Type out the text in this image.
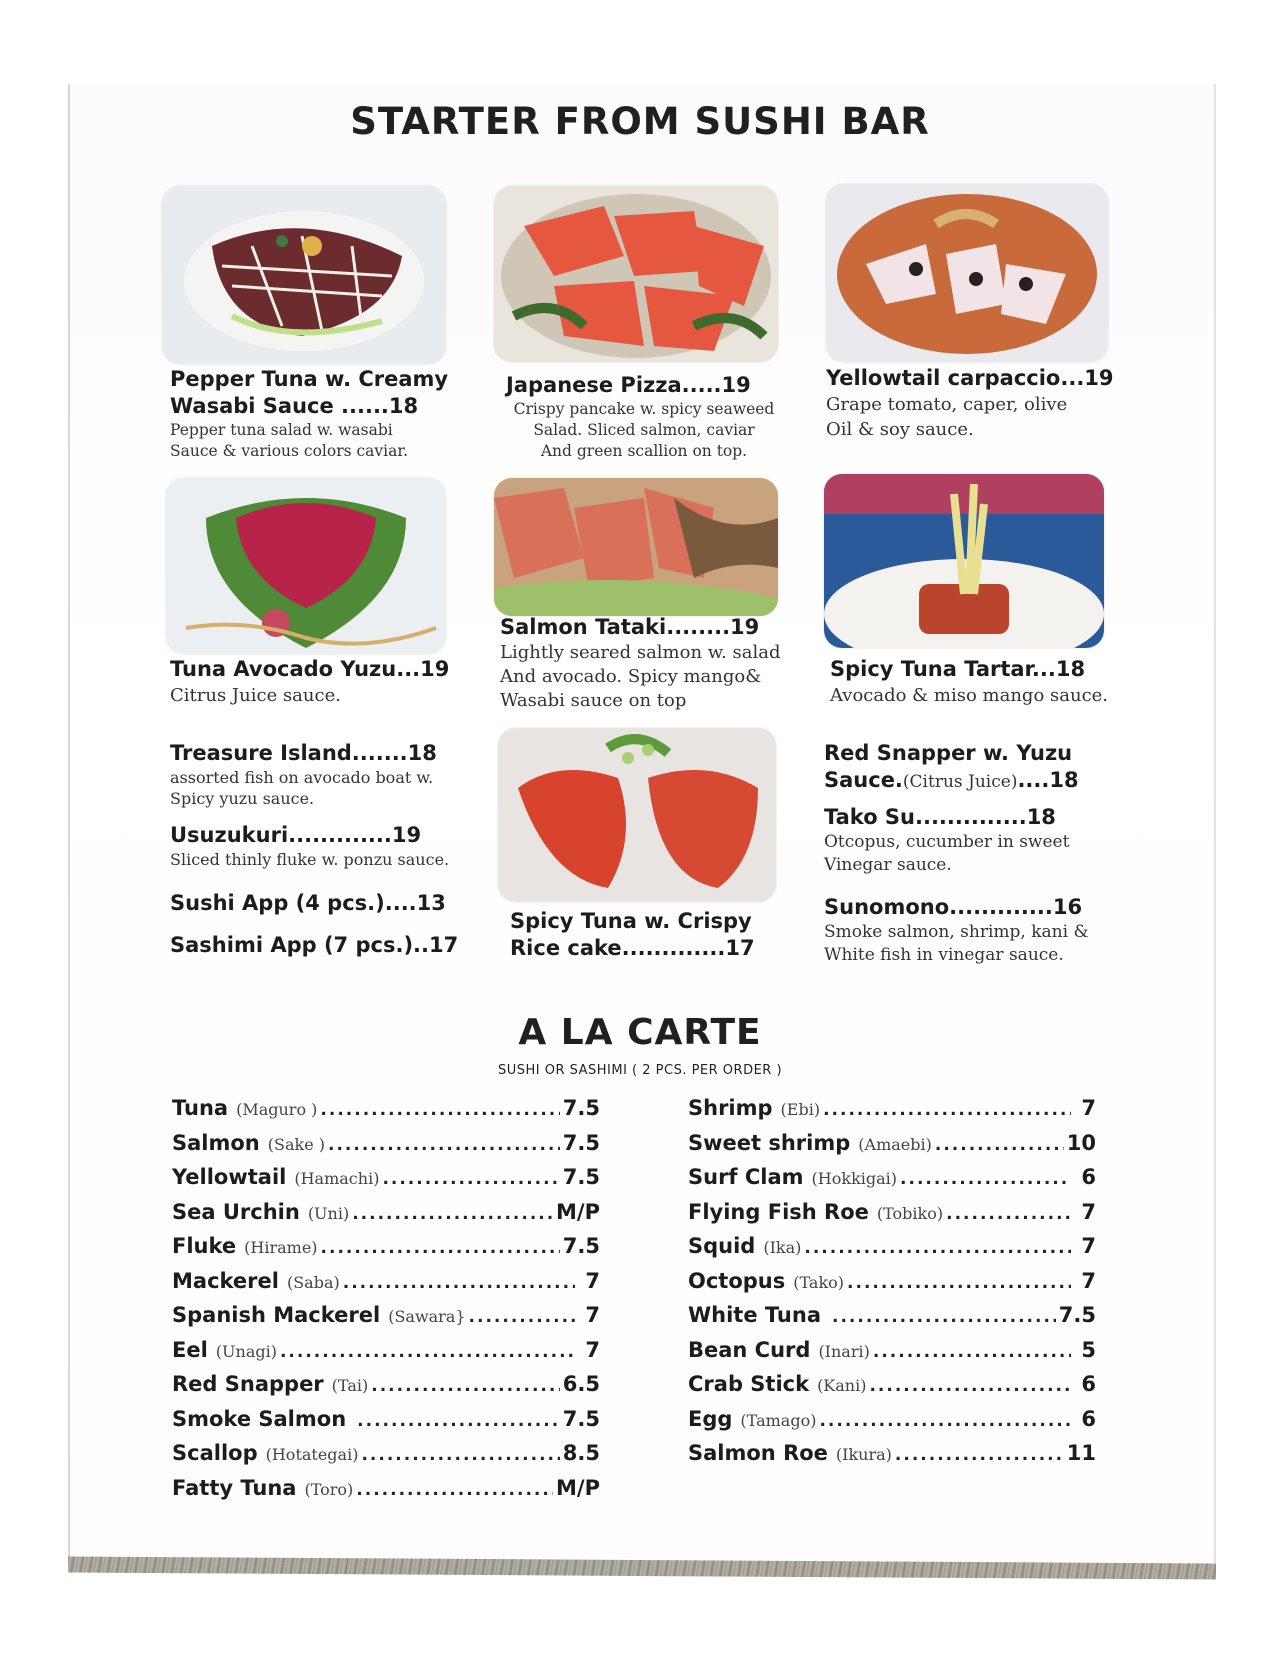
STARTER FROM SUSHI BAR
Pepper Tuna w. Creamy
Wasabi Sauce ......18
Pepper tuna salad w. wasabi
Sauce & various colors caviar.
Japanese Pizza.....19
Crispy pancake w. spicy seaweed
Salad. Sliced salmon, caviar
And green scallion on top.
Yellowtail carpaccio...19
Grape tomato, caper, olive
Oil & soy sauce.
Tuna Avocado Yuzu...19
Citrus Juice sauce.
Salmon Tataki........19
Lightly seared salmon w. salad
And avocado. Spicy mango&
Wasabi sauce on top
Spicy Tuna Tartar...18
Avocado & miso mango sauce.
Treasure Island.......18
assorted fish on avocado boat w.
Spicy yuzu sauce.
Usuzukuri.............19
Sliced thinly fluke w. ponzu sauce.
Sushi App (4 pcs.)....13
Sashimi App (7 pcs.)..17
Spicy Tuna w. Crispy
Rice cake.............17
Red Snapper w. Yuzu
Sauce.(Citrus Juice)....18
Tako Su..............18
Otcopus, cucumber in sweet
Vinegar sauce.
Sunomono.............16
Smoke salmon, shrimp, kani &
White fish in vinegar sauce.
A LA CARTE
SUSHI OR SASHIMI ( 2 PCS. PER ORDER )
Tuna (Maguro ) .....	7.5
Salmon (Sake ) .....	7.5
Yellowtail (Hamachi) .....	7.5
Sea Urchin (Uni) .....	M/P
Fluke (Hirame) .....	7.5
Mackerel (Saba) .....	7
Spanish Mackerel (Sawara} .....	7
Eel (Unagi) .....	7
Red Snapper (Tai) .....	6.5
Smoke Salmon .....	7.5
Scallop (Hotategai) .....	8.5
Fatty Tuna (Toro) .....	M/P
Shrimp (Ebi) .....	7
Sweet shrimp (Amaebi) .....	10
Surf Clam (Hokkigai) .....	6
Flying Fish Roe (Tobiko) .....	7
Squid (Ika) .....	7
Octopus (Tako) .....	7
White Tuna .....	7.5
Bean Curd (Inari) .....	5
Crab Stick (Kani) .....	6
Egg (Tamago) .....	6
Salmon Roe (Ikura) .....	11
